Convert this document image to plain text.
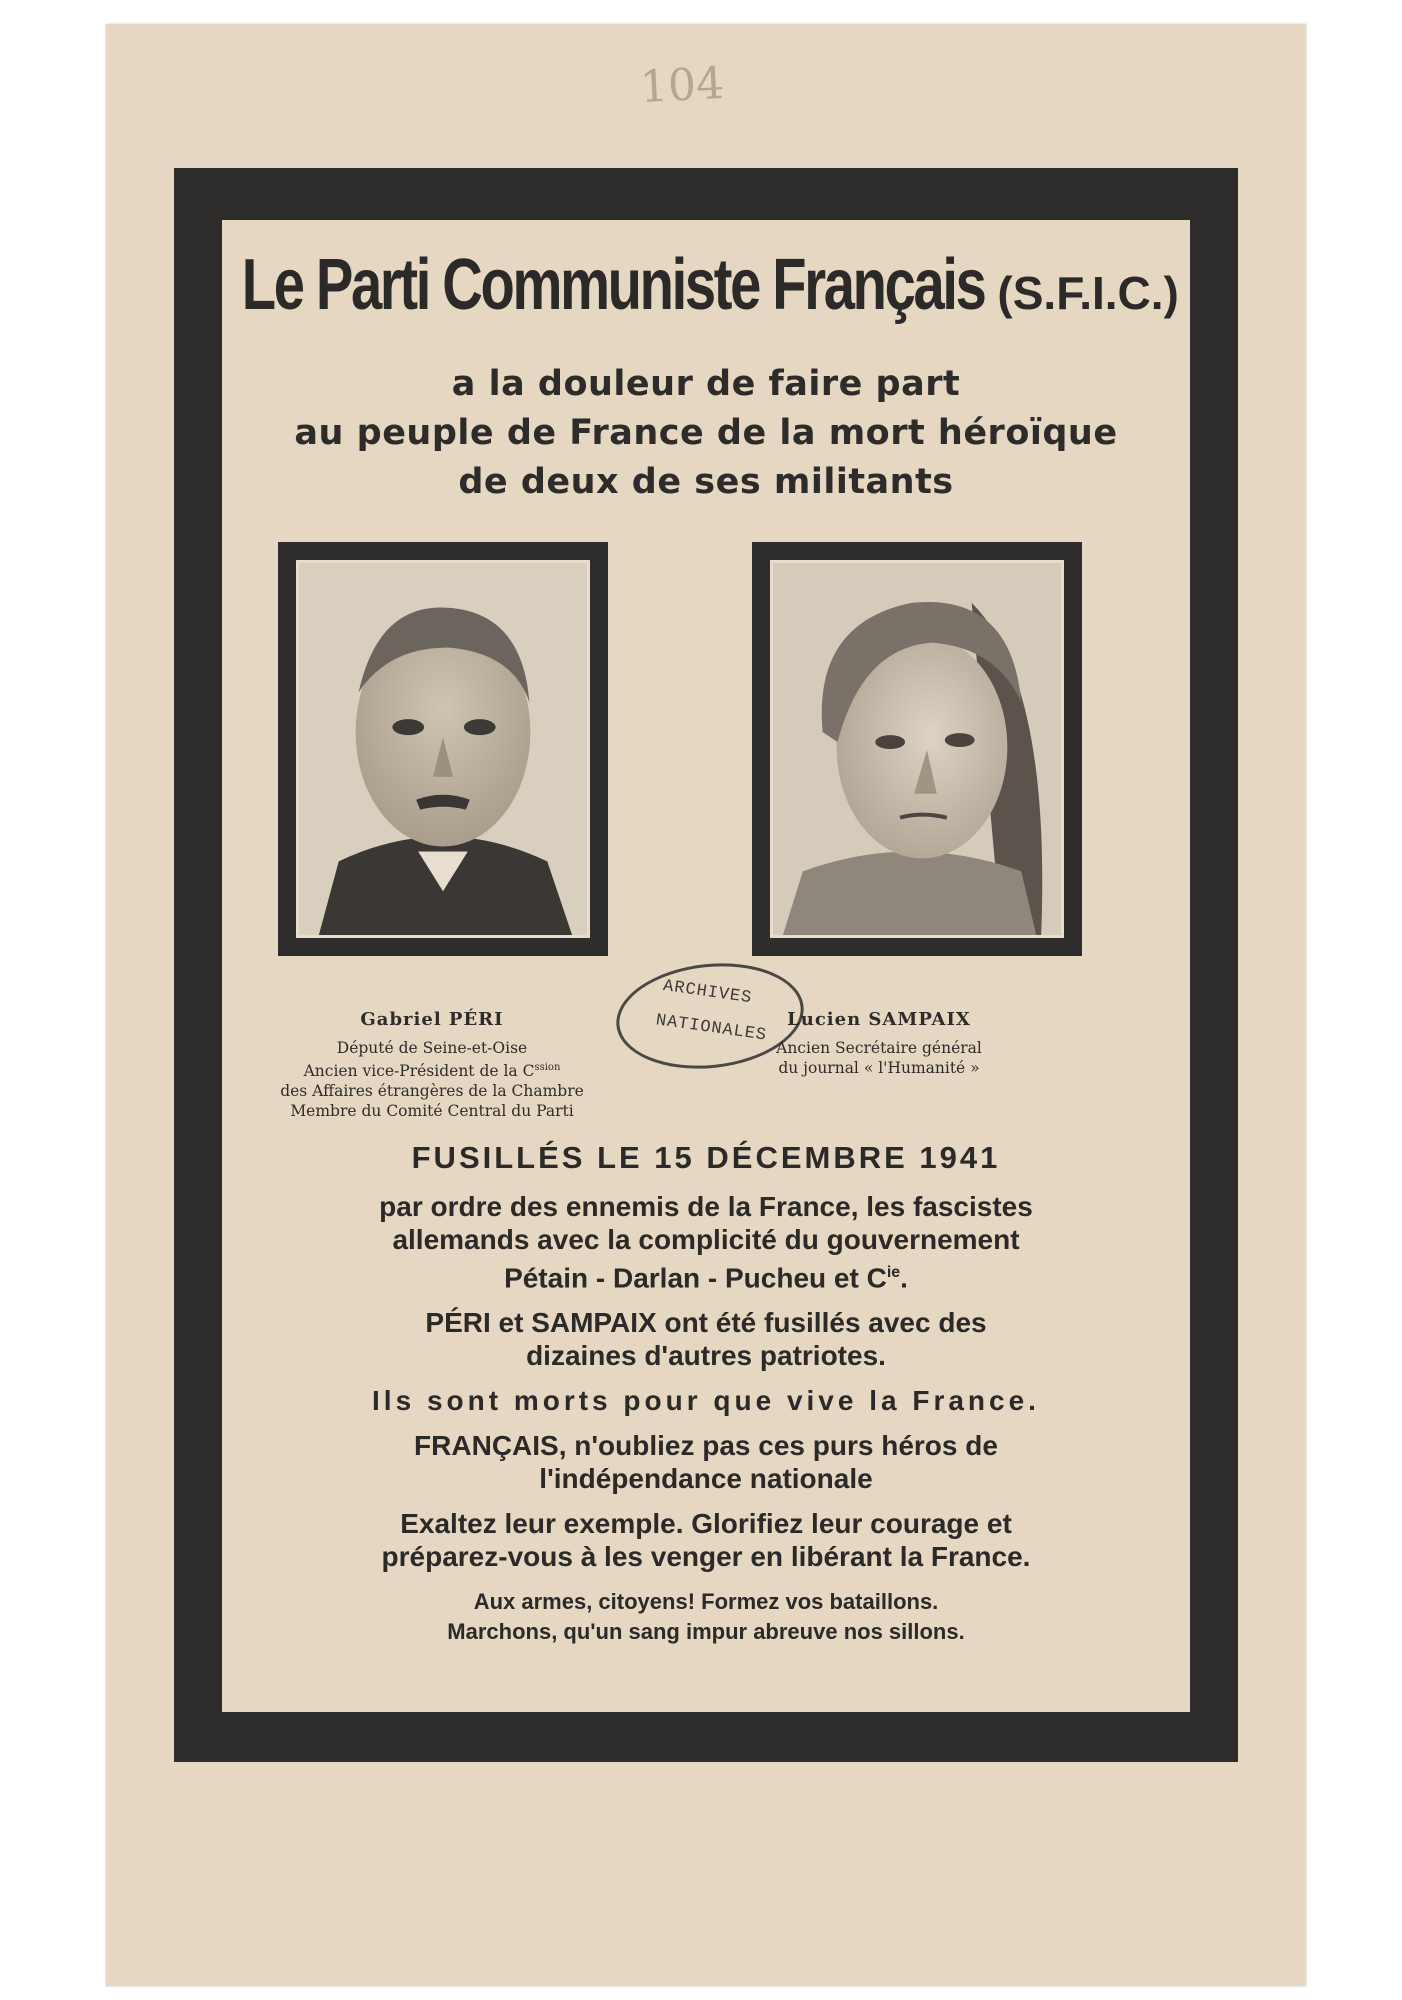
104
Le Parti Communiste Français (S.F.I.C.)
a la douleur de faire part
au peuple de France de la mort héroïque
de deux de ses militants
ARCHIVES
NATIONALES
Gabriel PÉRI
Député de Seine-et-Oise
Ancien vice-Président de la $C^{ssion}$
des Affaires étrangères de la Chambre
Membre du Comité Central du Parti
Lucien SAMPAIX
Ancien Secrétaire général
du journal « l'Humanité »
FUSILLÉS LE 15 DÉCEMBRE 1941
par ordre des ennemis de la France, les fascistes
allemands avec la complicité du gouvernement
Pétain - Darlan - Pucheu et $C^{ie}$.
PÉRI et SAMPAIX ont été fusillés avec des
dizaines d'autres patriotes.
Ils sont morts pour que vive la France.
FRANÇAIS, n'oubliez pas ces purs héros de
l'indépendance nationale
Exaltez leur exemple. Glorifiez leur courage et
préparez-vous à les venger en libérant la France.
Aux armes, citoyens! Formez vos bataillons.
Marchons, qu'un sang impur abreuve nos sillons.
